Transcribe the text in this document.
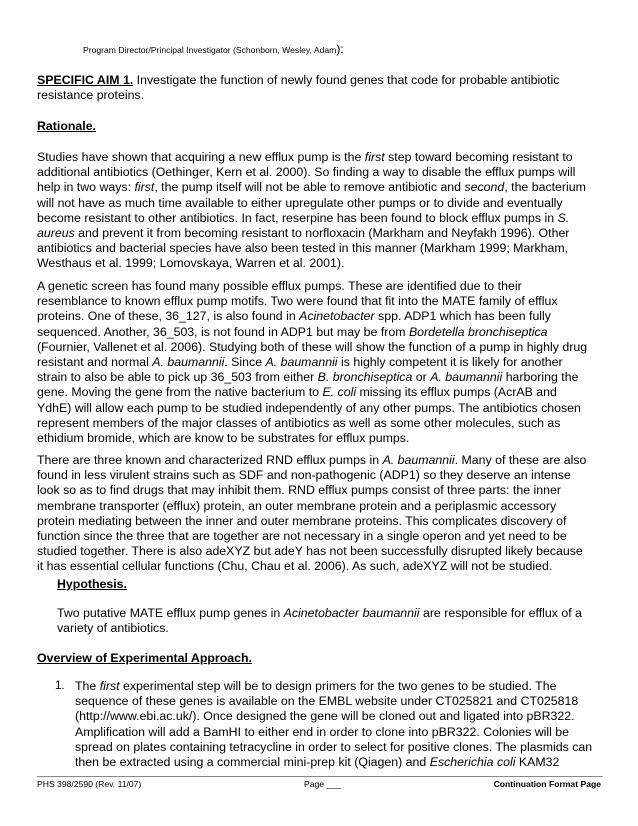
Program Director/Principal Investigator (Schonborn, Wesley, Adam):
SPECIFIC AIM 1. Investigate the function of newly found genes that code for probable antibiotic
resistance proteins.
Rationale.
Studies have shown that acquiring a new efflux pump is the first step toward becoming resistant to
additional antibiotics (Oethinger, Kern et al. 2000). So finding a way to disable the efflux pumps will
help in two ways: first, the pump itself will not be able to remove antibiotic and second, the bacterium
will not have as much time available to either upregulate other pumps or to divide and eventually
become resistant to other antibiotics. In fact, reserpine has been found to block efflux pumps in S.
aureus and prevent it from becoming resistant to norfloxacin (Markham and Neyfakh 1996). Other
antibiotics and bacterial species have also been tested in this manner (Markham 1999; Markham,
Westhaus et al. 1999; Lomovskaya, Warren et al. 2001).
A genetic screen has found many possible efflux pumps. These are identified due to their
resemblance to known efflux pump motifs. Two were found that fit into the MATE family of efflux
proteins. One of these, 36_127, is also found in Acinetobacter spp. ADP1 which has been fully
sequenced. Another, 36_503, is not found in ADP1 but may be from Bordetella bronchiseptica
(Fournier, Vallenet et al. 2006). Studying both of these will show the function of a pump in highly drug
resistant and normal A. baumannii. Since A. baumannii is highly competent it is likely for another
strain to also be able to pick up 36_503 from either B. bronchiseptica or A. baumannii harboring the
gene. Moving the gene from the native bacterium to E. coli missing its efflux pumps (AcrAB and
YdhE) will allow each pump to be studied independently of any other pumps. The antibiotics chosen
represent members of the major classes of antibiotics as well as some other molecules, such as
ethidium bromide, which are know to be substrates for efflux pumps.
There are three known and characterized RND efflux pumps in A. baumannii. Many of these are also
found in less virulent strains such as SDF and non-pathogenic (ADP1) so they deserve an intense
look so as to find drugs that may inhibit them. RND efflux pumps consist of three parts: the inner
membrane transporter (efflux) protein, an outer membrane protein and a periplasmic accessory
protein mediating between the inner and outer membrane proteins. This complicates discovery of
function since the three that are together are not necessary in a single operon and yet need to be
studied together. There is also adeXYZ but adeY has not been successfully disrupted likely because
it has essential cellular functions (Chu, Chau et al. 2006). As such, adeXYZ will not be studied.
Hypothesis.
Two putative MATE efflux pump genes in Acinetobacter baumannii are responsible for efflux of a
variety of antibiotics.
Overview of Experimental Approach.
1. The first experimental step will be to design primers for the two genes to be studied. The
sequence of these genes is available on the EMBL website under CT025821 and CT025818
(http://www.ebi.ac.uk/). Once designed the gene will be cloned out and ligated into pBR322.
Amplification will add a BamHI to either end in order to clone into pBR322. Colonies will be
spread on plates containing tetracycline in order to select for positive clones. The plasmids can
then be extracted using a commercial mini-prep kit (Qiagen) and Escherichia coli KAM32
PHS 398/2590 (Rev. 11/07)	Page ___	Continuation Format Page
